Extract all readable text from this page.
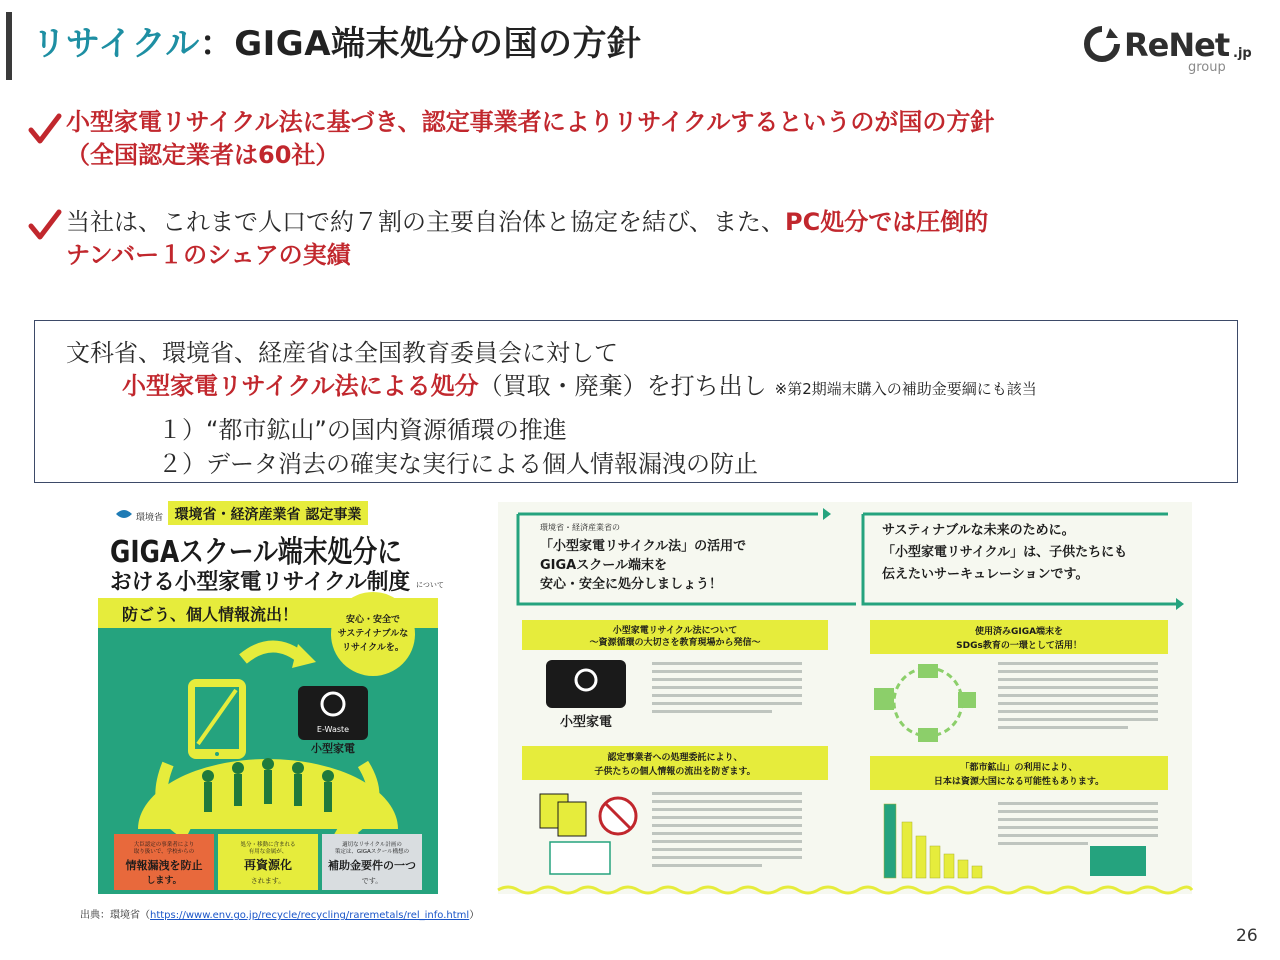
リサイクル：GIGA端末処分の国の方針	ReNet .jp
group
小型家電リサイクル法に基づき、認定事業者によりリサイクルするというのが国の方針
（全国認定業者は60社）
当社は、これまで人口で約７割の主要自治体と協定を結び、また、PC処分では圧倒的
ナンバー１のシェアの実績
文科省、環境省、経産省は全国教育委員会に対して
小型家電リサイクル法による処分（買取・廃棄）を打ち出し ※第2期端末購入の補助金要綱にも該当
１）“都市鉱山”の国内資源循環の推進
２）データ消去の確実な実行による個人情報漏洩の防止
環境省 環境省・経済産業省 認定事業
GIGAスクール端末処分に
おける小型家電リサイクル制度 について
防ごう、個人情報流出！	安心・安全で
サステイナブルな
リサイクルを。
E-Waste
小型家電
大臣認定の事業者により
取り扱いで、学校からの
情報漏洩を防止
します。
処分・移動に含まれる
有用な金属が、
再資源化
されます。
適切なリサイクル計画の
策定は、GIGAスクール構想の
補助金要件の一つ
です。
環境省・経済産業省の
「小型家電リサイクル法」の活用で
GIGAスクール端末を
安心・安全に処分しましょう！
サスティナブルな未来のために。
「小型家電リサイクル」は、子供たちにも
伝えたいサーキュレーションです。
小型家電リサイクル法について
〜資源循環の大切さを教育現場から発信〜
小型家電
使用済みGIGA端末を
SDGs教育の一環として活用！
認定事業者への処理委託により、
子供たちの個人情報の流出を防ぎます。	「都市鉱山」の利用により、
日本は資源大国になる可能性もあります。
出典：環境省（https://www.env.go.jp/recycle/recycling/raremetals/rel_info.html）
26
